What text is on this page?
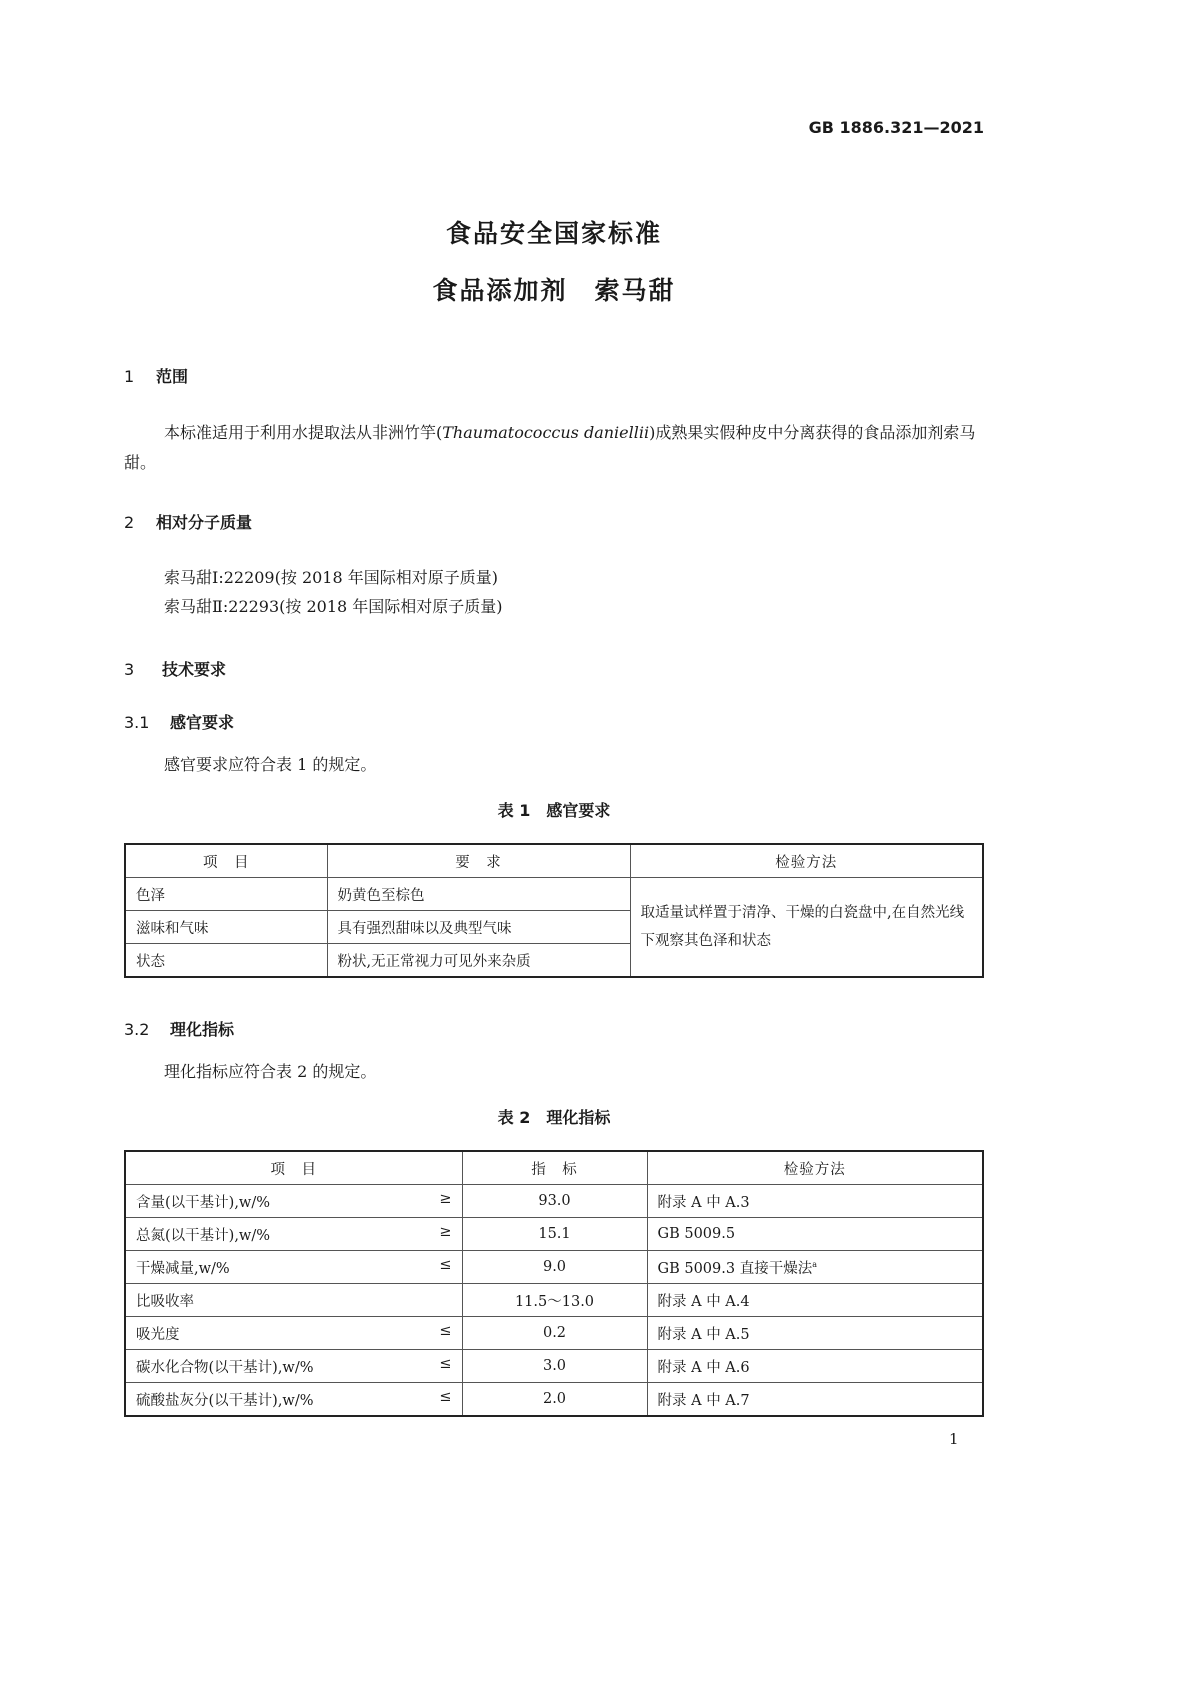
GB 1886.321—2021
食品安全国家标准
食品添加剂　索马甜
1 范围
本标准适用于利用水提取法从非洲竹竽(Thaumatococcus daniellii)成熟果实假种皮中分离获得的食品添加剂索马甜。
2 相对分子质量
索马甜Ⅰ:22209(按 2018 年国际相对原子质量)
索马甜Ⅱ:22293(按 2018 年国际相对原子质量)
3 技术要求
3.1 感官要求
感官要求应符合表 1 的规定。
表 1　感官要求
项　目	要　求	检验方法
色泽	奶黄色至棕色	取适量试样置于清净、干燥的白瓷盘中,在自然光线下观察其色泽和状态
滋味和气味	具有强烈甜味以及典型气味	
状态	粉状,无正常视力可见外来杂质	
3.2 理化指标
理化指标应符合表 2 的规定。
表 2　理化指标
项　目	指　标	检验方法
含量(以干基计),w/% ≥	93.0	附录 A 中 A.3
总氮(以干基计),w/% ≥	15.1	GB 5009.5
干燥减量,w/% ≤	9.0	GB 5009.3 直接干燥法$^a$
比吸收率	11.5～13.0	附录 A 中 A.4
吸光度 ≤	0.2	附录 A 中 A.5
碳水化合物(以干基计),w/% ≤	3.0	附录 A 中 A.6
硫酸盐灰分(以干基计),w/% ≤	2.0	附录 A 中 A.7
1
